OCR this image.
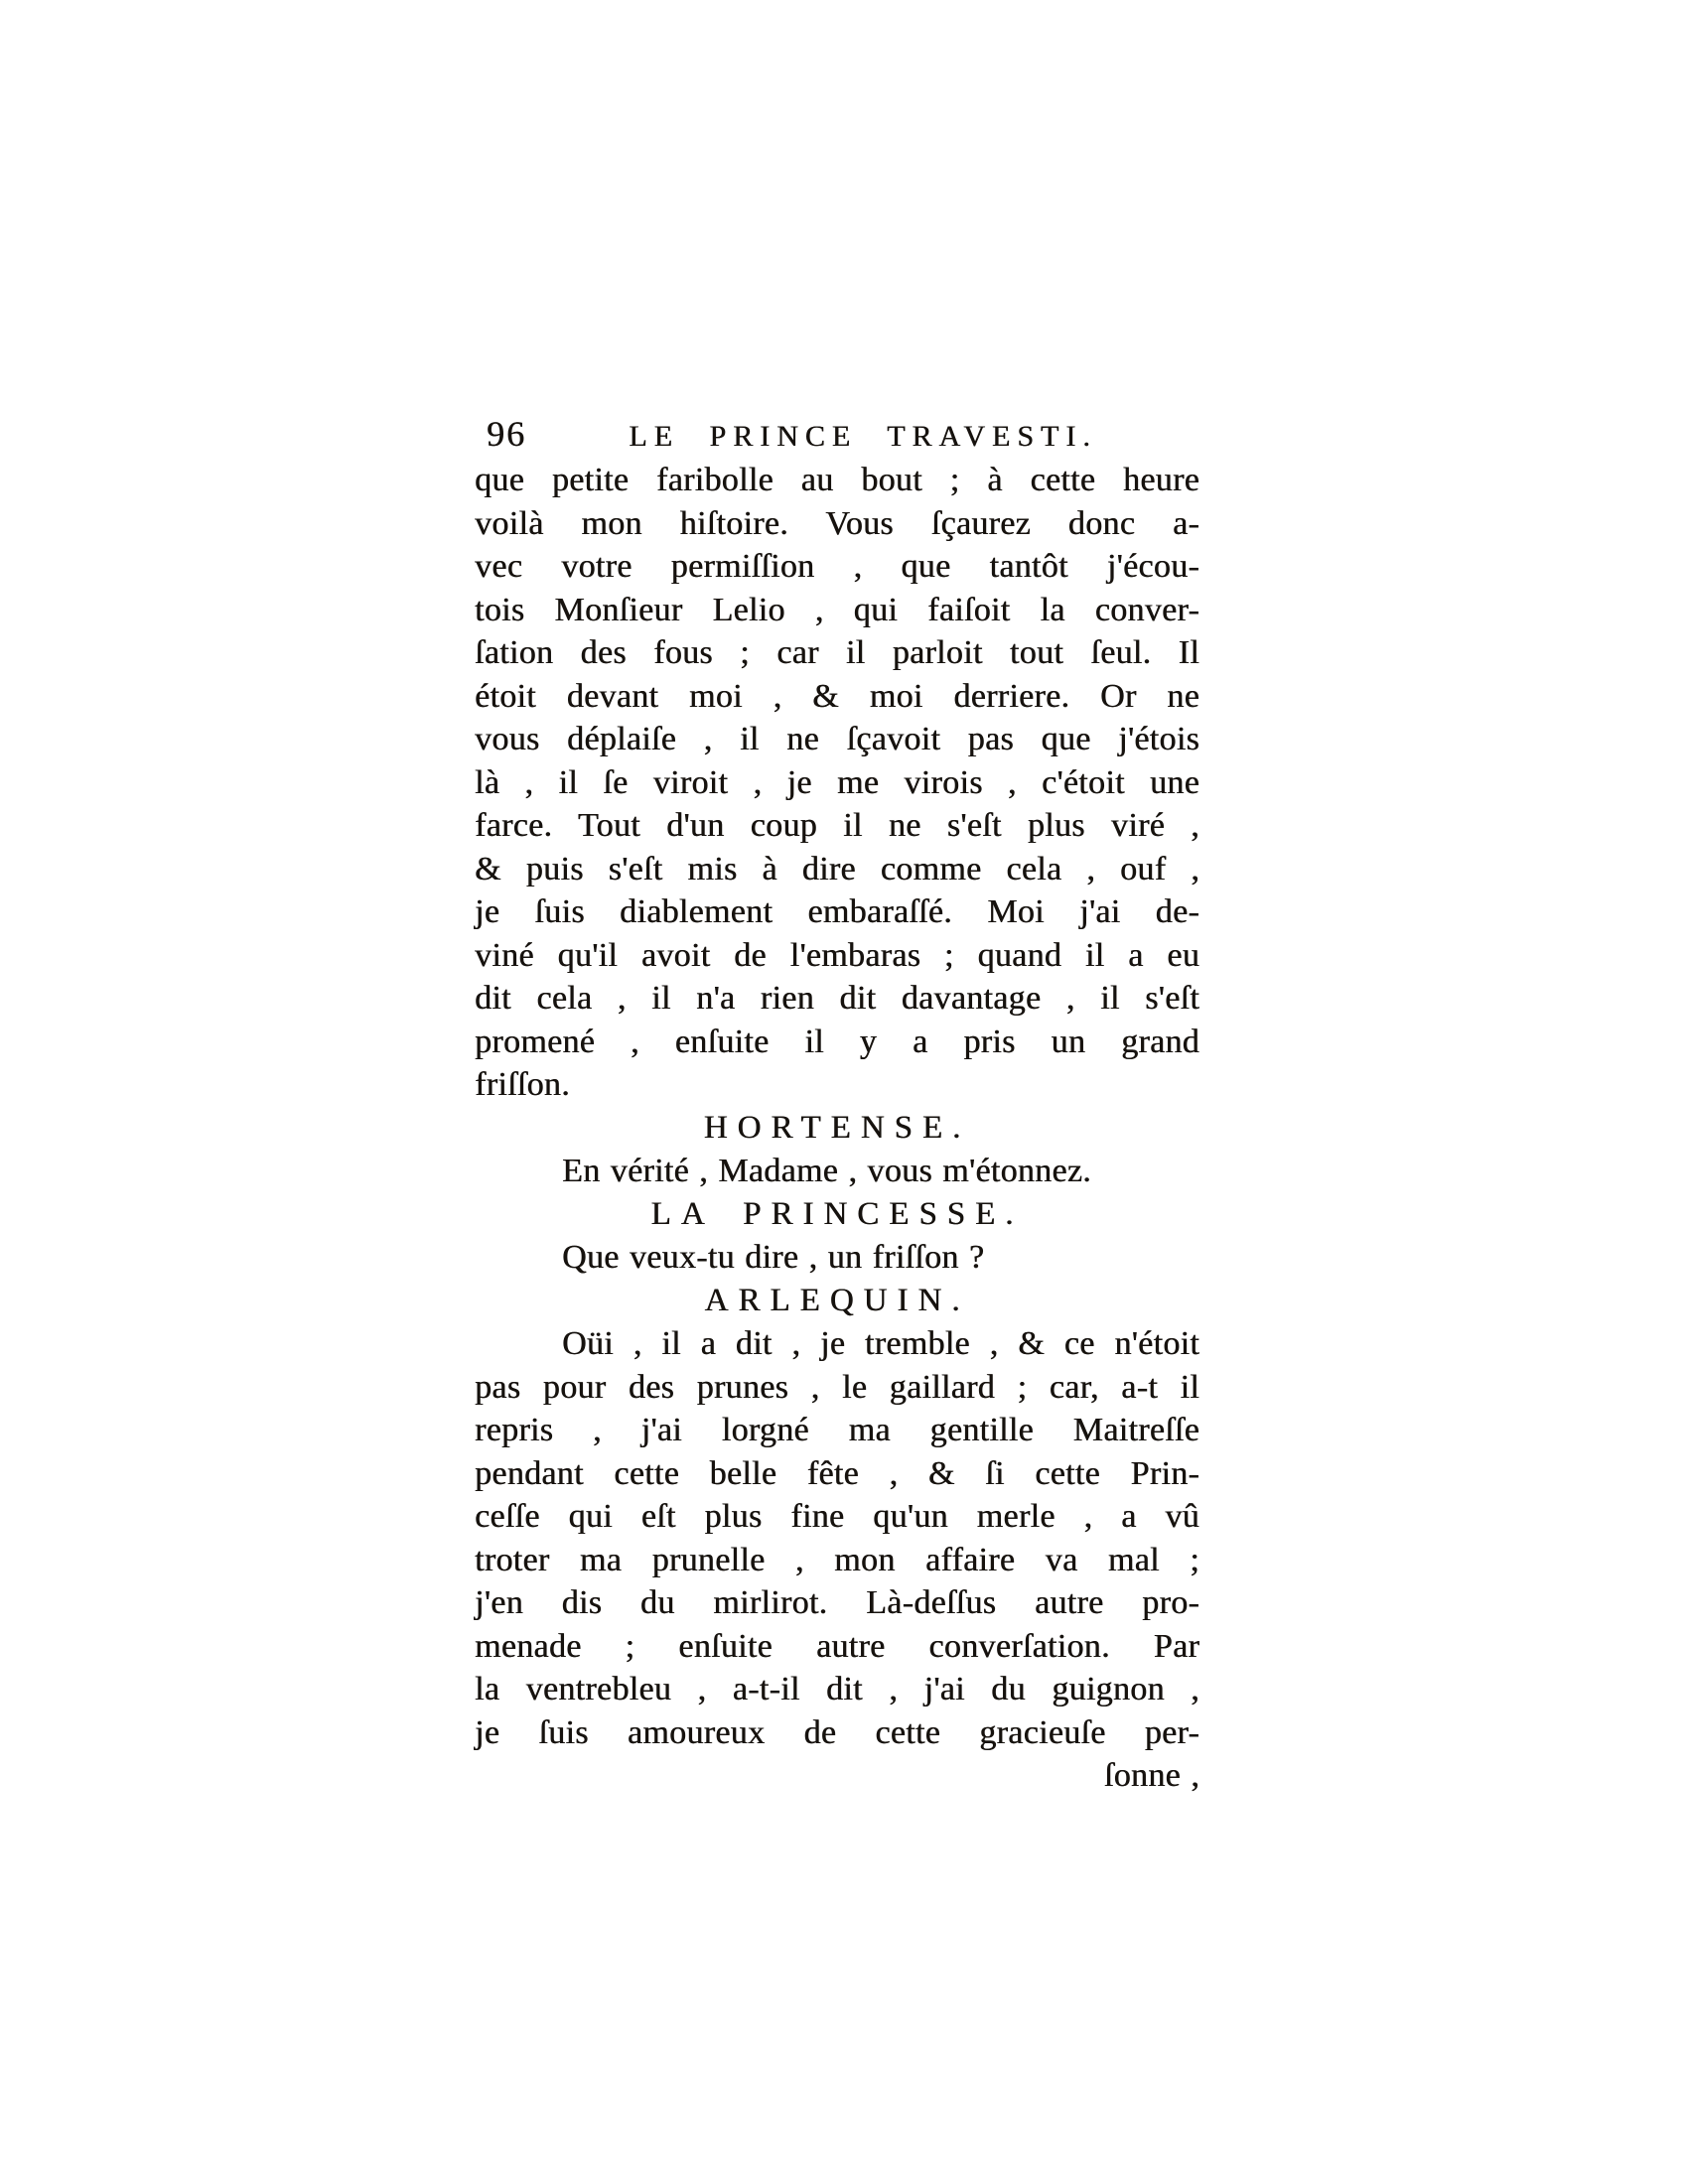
96	LE PRINCE TRAVESTI.
que petite faribolle au bout ; à cette heure
voilà mon hiſtoire. Vous ſçaurez donc a-
vec votre permiſſion , que tantôt j'écou-
tois Monſieur Lelio , qui faiſoit la conver-
ſation des fous ; car il parloit tout ſeul. Il
étoit devant moi , & moi derriere. Or ne
vous déplaiſe , il ne ſçavoit pas que j'étois
là , il ſe viroit , je me virois , c'étoit une
farce. Tout d'un coup il ne s'eſt plus viré ,
& puis s'eſt mis à dire comme cela , ouf ,
je ſuis diablement embaraſſé. Moi j'ai de-
viné qu'il avoit de l'embaras ; quand il a eu
dit cela , il n'a rien dit davantage , il s'eſt
promené , enſuite il y a pris un grand
friſſon.
HORTENSE.
En vérité , Madame , vous m'étonnez.
LA PRINCESSE.
Que veux-tu dire , un friſſon ?
ARLEQUIN.
Oüi , il a dit , je tremble , & ce n'étoit
pas pour des prunes , le gaillard ; car, a-t il
repris , j'ai lorgné ma gentille Maitreſſe
pendant cette belle fête , & ſi cette Prin-
ceſſe qui eſt plus fine qu'un merle , a vû
troter ma prunelle , mon affaire va mal ;
j'en dis du mirlirot. Là-deſſus autre pro-
menade ; enſuite autre converſation. Par
la ventrebleu , a-t-il dit , j'ai du guignon ,
je ſuis amoureux de cette gracieuſe per-
ſonne ,
